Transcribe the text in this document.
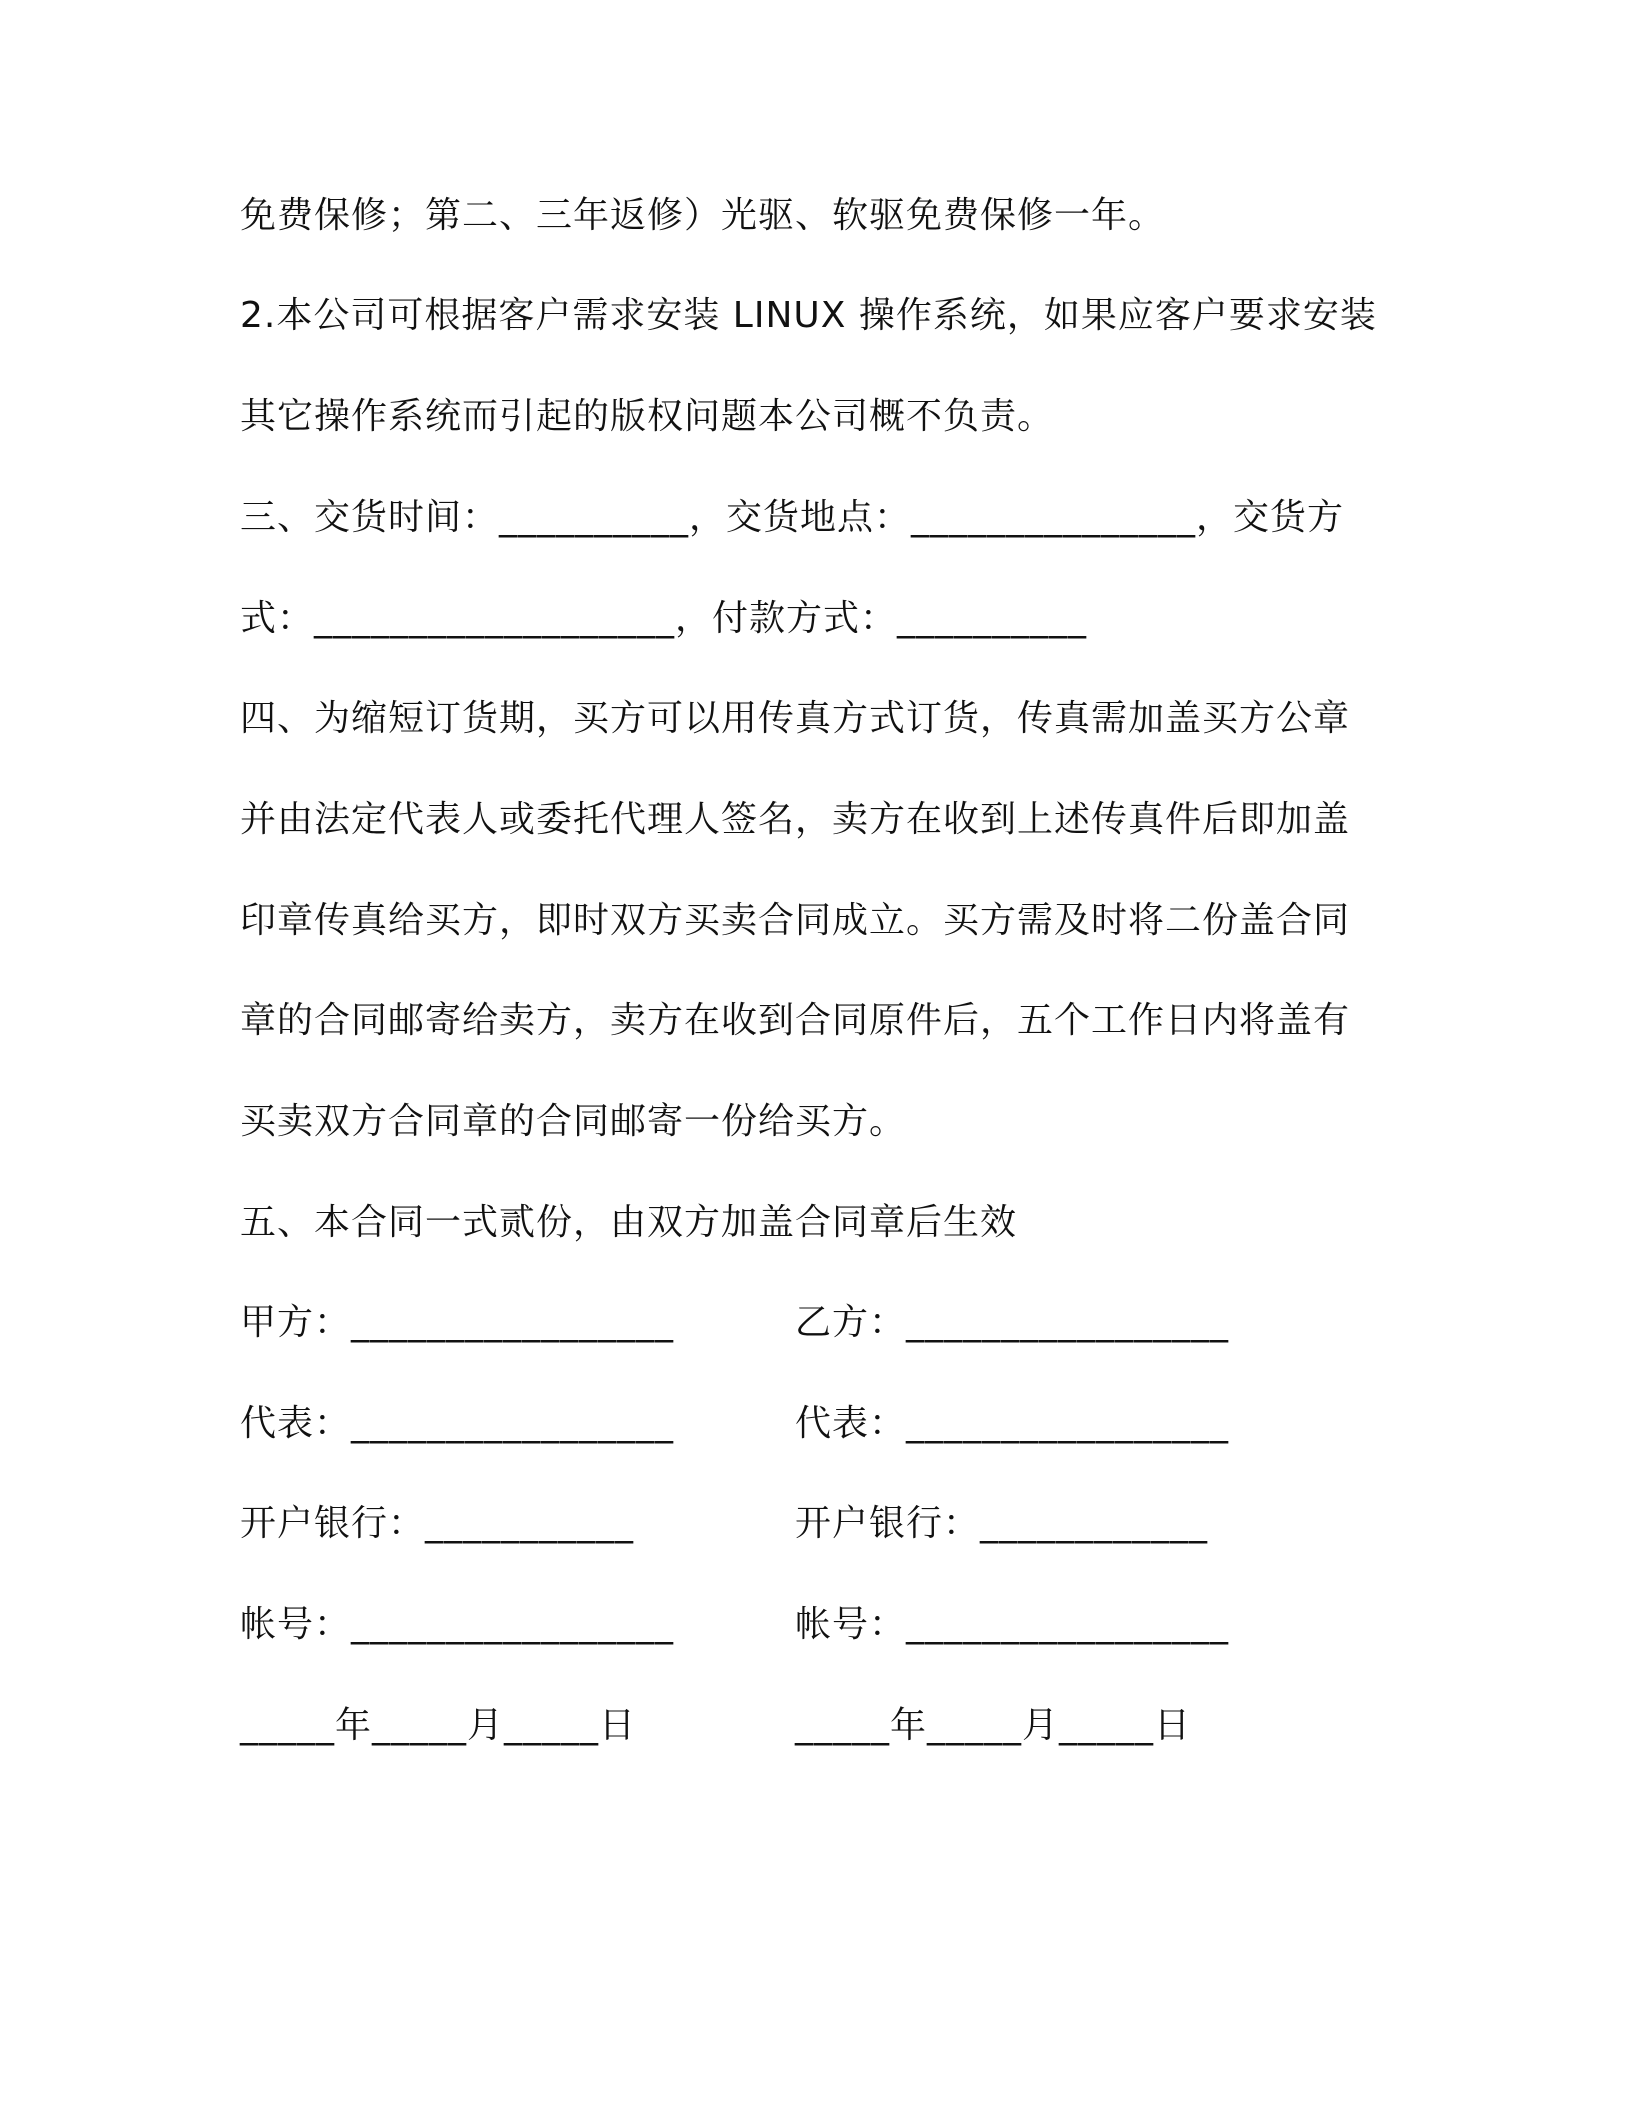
免费保修；第二、三年返修）光驱、软驱免费保修一年。
2.本公司可根据客户需求安装 LINUX 操作系统，如果应客户要求安装
其它操作系统而引起的版权问题本公司概不负责。
三、交货时间：__________，交货地点：_______________，交货方
式：___________________，付款方式：__________
四、为缩短订货期，买方可以用传真方式订货，传真需加盖买方公章
并由法定代表人或委托代理人签名，卖方在收到上述传真件后即加盖
印章传真给买方，即时双方买卖合同成立。买方需及时将二份盖合同
章的合同邮寄给卖方，卖方在收到合同原件后，五个工作日内将盖有
买卖双方合同章的合同邮寄一份给买方。
五、本合同一式贰份，由双方加盖合同章后生效
甲方：_________________	乙方：_________________
代表：_________________	代表：_________________
开户银行：___________	开户银行：____________
帐号：_________________	帐号：_________________
_____年_____月_____日	_____年_____月_____日
